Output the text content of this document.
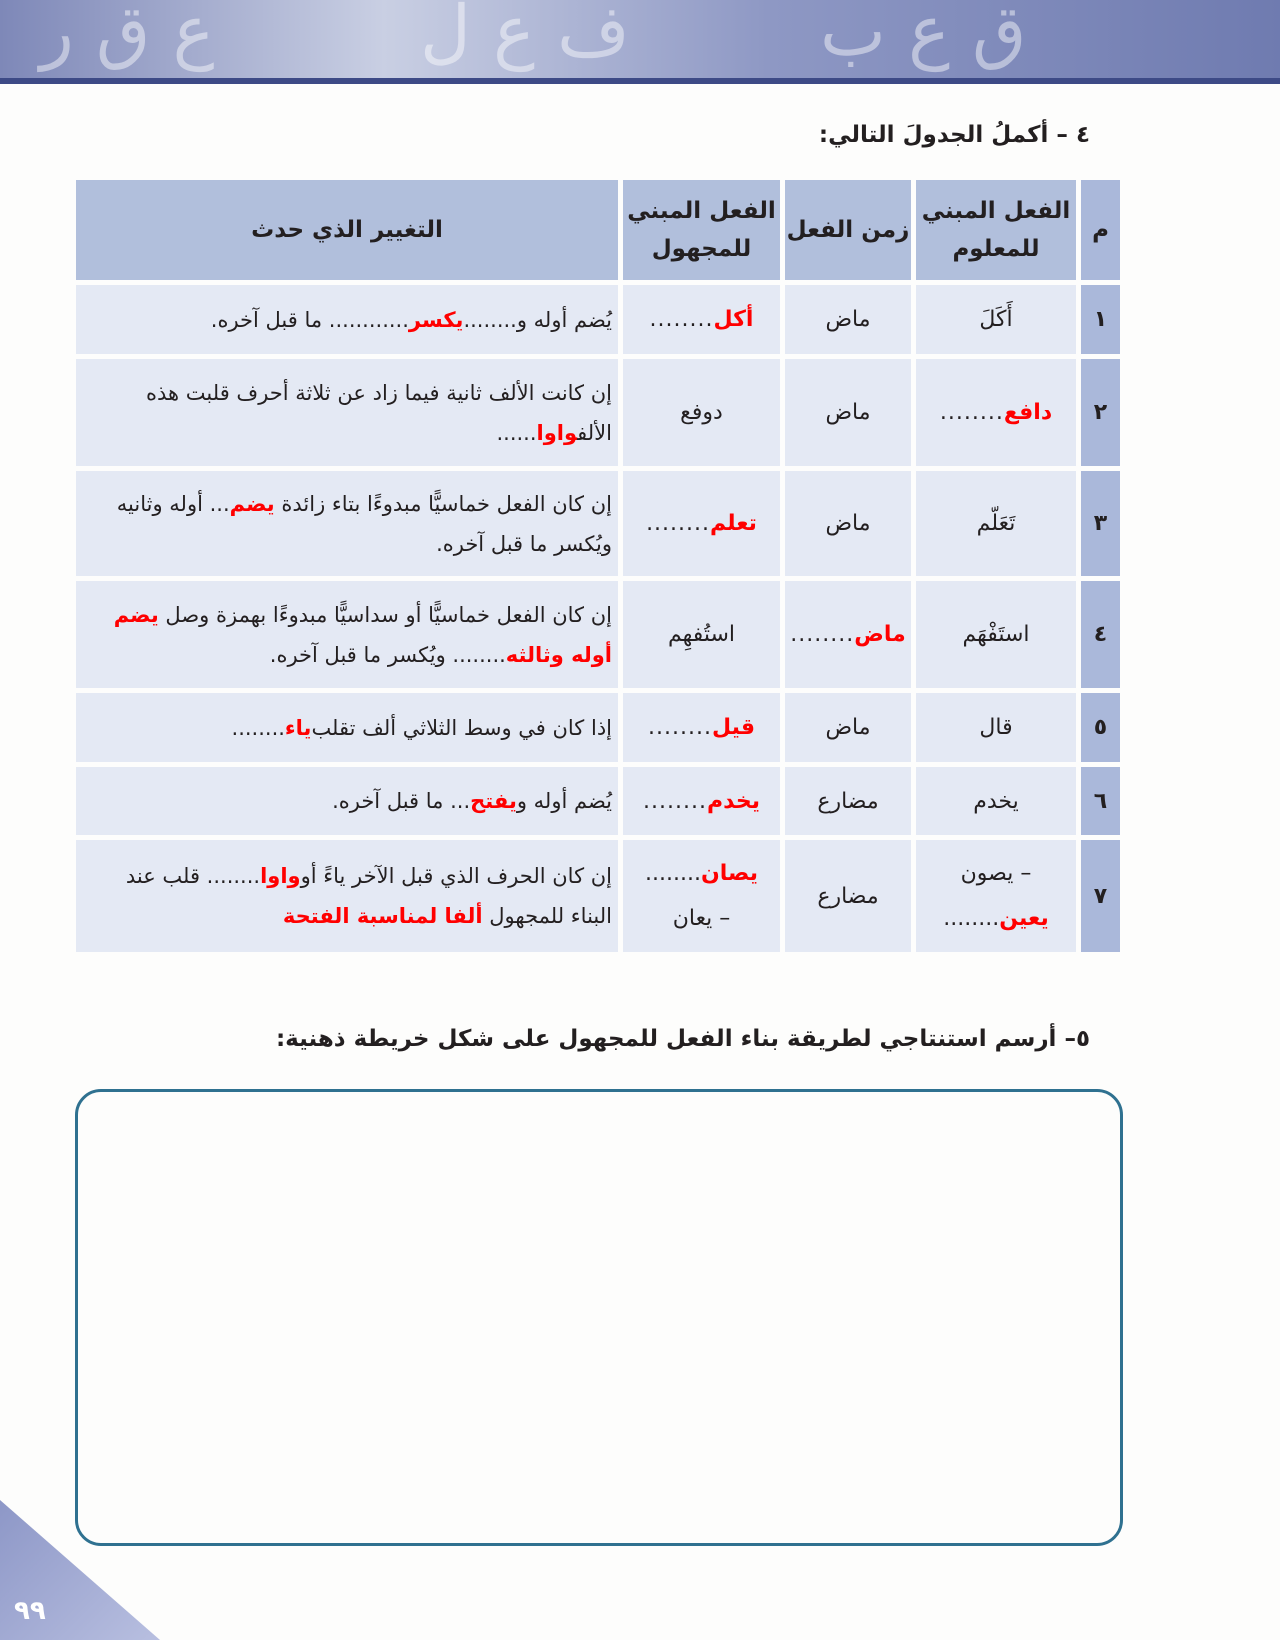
ع ق ر	ف ع ل	ق ع ب
٤ – أكملُ الجدولَ التالي:
م
الفعل المبني للمعلوم
زمن الفعل
الفعل المبني للمجهول
التغيير الذي حدث
١
أَكَلَ
ماض
أكل
........
يُضم أوله و........
يكسر
............ ما قبل آخره.
٢
دافع
........
ماض
دوفع
إن كانت الألف ثانية فيما زاد عن ثلاثة أحرف قلبت هذه الألفواوا......
٣
تَعَلّم
ماض
تعلم
........
إن كان الفعل خماسيًّا مبدوءًا بتاء زائدة يضم... أوله وثانيه ويُكسر ما قبل آخره.
٤
استَفْهَم
ماض
........
استُفهِم
إن كان الفعل خماسيًّا أو سداسيًّا مبدوءًا بهمزة وصل يضم أوله وثالثه........ ويُكسر ما قبل آخره.
٥
قال
ماض
قيل
........
إذا كان في وسط الثلاثي ألف تقلب
ياء
........
٦
يخدم
مضارع
يخدم
........
يُضم أوله و
يفتح
... ما قبل آخره.
٧
– يصون
يعين........
مضارع
يصان........
– يعان
إن كان الحرف الذي قبل الآخر ياءً أوواوا........ قلب عند البناء للمجهول ألفا لمناسبة الفتحة
٥– أرسم استنتاجي لطريقة بناء الفعل للمجهول على شكل خريطة ذهنية:
٩٩
